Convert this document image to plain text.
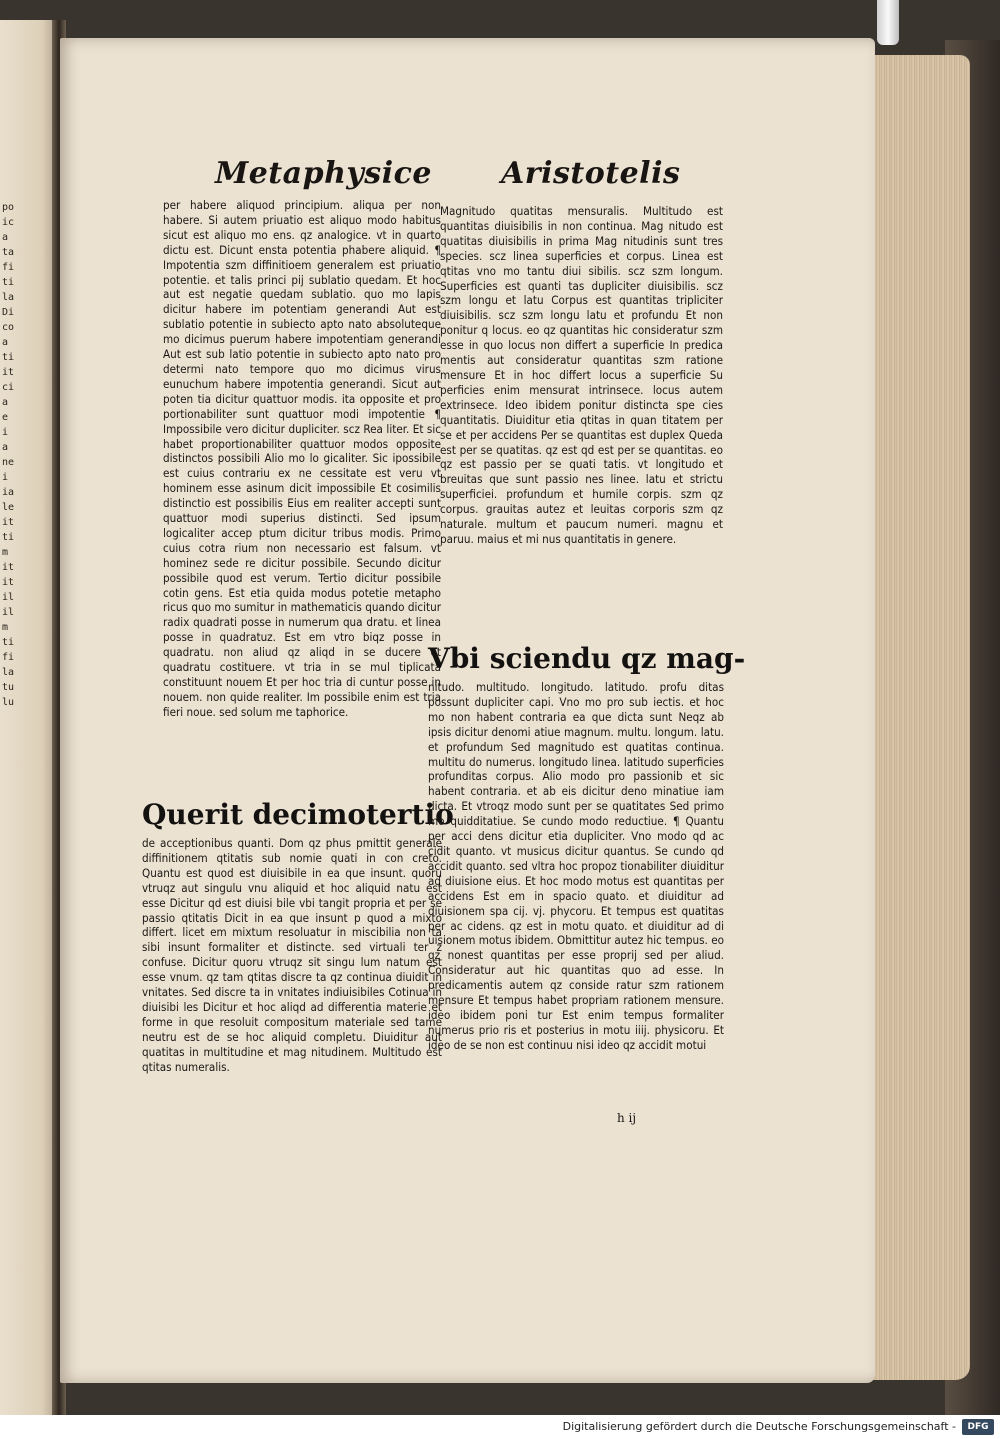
po ic a ta fi ti la Di co a ti it ci a e i a ne i ia le it ti m it it il il m ti fi la tu lu
Metaphysice Aristotelis
per habere aliquod principium. aliqua per non habere. Si autem priuatio est aliquo modo habitus sicut est aliquo mo ens. qz analogice. vt in quarto dictu est. Dicunt ensta potentia phabere aliquid. ¶ Impotentia szm diffinitioem generalem est priuatio potentie. et talis princi pij sublatio quedam. Et hoc aut est negatie quedam sublatio. quo mo lapis dicitur habere im potentiam generandi Aut est sublatio potentie in subiecto apto nato absoluteque mo dicimus puerum habere impotentiam generandi Aut est sub latio potentie in subiecto apto nato pro determi nato tempore quo mo dicimus virus eunuchum habere impotentia generandi. Sicut aut poten tia dicitur quattuor modis. ita opposite et pro portionabiliter sunt quattuor modi impotentie ¶ Impossibile vero dicitur dupliciter. scz Rea liter. Et sic habet proportionabiliter quattuor modos opposite distinctos possibili Alio mo lo gicaliter. Sic ipossibile est cuius contrariu ex ne cessitate est veru vt hominem esse asinum dicit impossibile Et cosimilis distinctio est possibilis Eius em realiter accepti sunt quattuor modi superius distincti. Sed ipsum logicaliter accep ptum dicitur tribus modis. Primo cuius cotra rium non necessario est falsum. vt hominez sede re dicitur possibile. Secundo dicitur possibile quod est verum. Tertio dicitur possibile cotin gens. Est etia quida modus potetie metapho ricus quo mo sumitur in mathematicis quando dicitur radix quadrati posse in numerum qua dratu. et linea posse in quadratuz. Est em vtro biqz posse in quadratu. non aliud qz aliqd in se ducere et quadratu costituere. vt tria in se mul tiplicata constituunt nouem Et per hoc tria di cuntur posse in nouem. non quide realiter. Im possibile enim est tria fieri noue. sed solum me taphorice.
Querit decimotertio
de acceptionibus quanti. Dom qz phus pmittit generale diffinitionem qtitatis sub nomie quati in con creto. Quantu est quod est diuisibile in ea que insunt. quoru vtruqz aut singulu vnu aliquid et hoc aliquid natu est esse Dicitur qd est diuisi bile vbi tangit propria et per se passio qtitatis Dicit in ea que insunt p quod a mixto differt. licet em mixtum resoluatur in miscibilia non ta sibi insunt formaliter et distincte. sed virtuali ter z confuse. Dicitur quoru vtruqz sit singu lum natum est esse vnum. qz tam qtitas discre ta qz continua diuidit in vnitates. Sed discre ta in vnitates indiuisibiles Cotinua in diuisibi les Dicitur et hoc aliqd ad differentia materie et forme in que resoluit compositum materiale sed tame neutru est de se hoc aliquid completu. Diuiditur aut quatitas in multitudine et mag nitudinem. Multitudo est qtitas numeralis.
Magnitudo quatitas mensuralis. Multitudo est quantitas diuisibilis in non continua. Mag nitudo est quatitas diuisibilis in prima Mag nitudinis sunt tres species. scz linea superficies et corpus. Linea est qtitas vno mo tantu diui sibilis. scz szm longum. Superficies est quanti tas dupliciter diuisibilis. scz szm longu et latu Corpus est quantitas tripliciter diuisibilis. scz szm longu latu et profundu Et non ponitur q locus. eo qz quantitas hic consideratur szm esse in quo locus non differt a superficie In predica mentis aut consideratur quantitas szm ratione mensure Et in hoc differt locus a superficie Su perficies enim mensurat intrinsece. locus autem extrinsece. Ideo ibidem ponitur distincta spe cies quantitatis. Diuiditur etia qtitas in quan titatem per se et per accidens Per se quantitas est duplex Queda est per se quatitas. qz est qd est per se quantitas. eo qz est passio per se quati tatis. vt longitudo et breuitas que sunt passio nes linee. latu et strictu superficiei. profundum et humile corpis. szm qz corpus. grauitas autez et leuitas corporis szm qz naturale. multum et paucum numeri. magnu et paruu. maius et mi nus quantitatis in genere.
Vbi sciendu qz mag-
nitudo. multitudo. longitudo. latitudo. profu ditas possunt dupliciter capi. Vno mo pro sub iectis. et hoc mo non habent contraria ea que dicta sunt Neqz ab ipsis dicitur denomi atiue magnum. multu. longum. latu. et profundum Sed magnitudo est quatitas continua. multitu do numerus. longitudo linea. latitudo superficies profunditas corpus. Alio modo pro passionib et sic habent contraria. et ab eis dicitur deno minatiue iam dicta. Et vtroqz modo sunt per se quatitates Sed primo mo quidditatiue. Se cundo modo reductiue. ¶ Quantu per acci dens dicitur etia dupliciter. Vno modo qd ac cidit quanto. vt musicus dicitur quantus. Se cundo qd accidit quanto. sed vltra hoc propoz tionabiliter diuiditur ad diuisione eius. Et hoc modo motus est quantitas per accidens Est em in spacio quato. et diuiditur ad diuisionem spa cij. vj. phycoru. Et tempus est quatitas per ac cidens. qz est in motu quato. et diuiditur ad di uisionem motus ibidem. Obmittitur autez hic tempus. eo qz nonest quantitas per esse proprij sed per aliud. Consideratur aut hic quantitas quo ad esse. In predicamentis autem qz conside ratur szm rationem mensure Et tempus habet propriam rationem mensure. ideo ibidem poni tur Est enim tempus formaliter numerus prio ris et posterius in motu iiij. physicoru. Et ideo de se non est continuu nisi ideo qz accidit motui
h ij
Digitalisierung gefördert durch die Deutsche Forschungsgemeinschaft -	DFG
